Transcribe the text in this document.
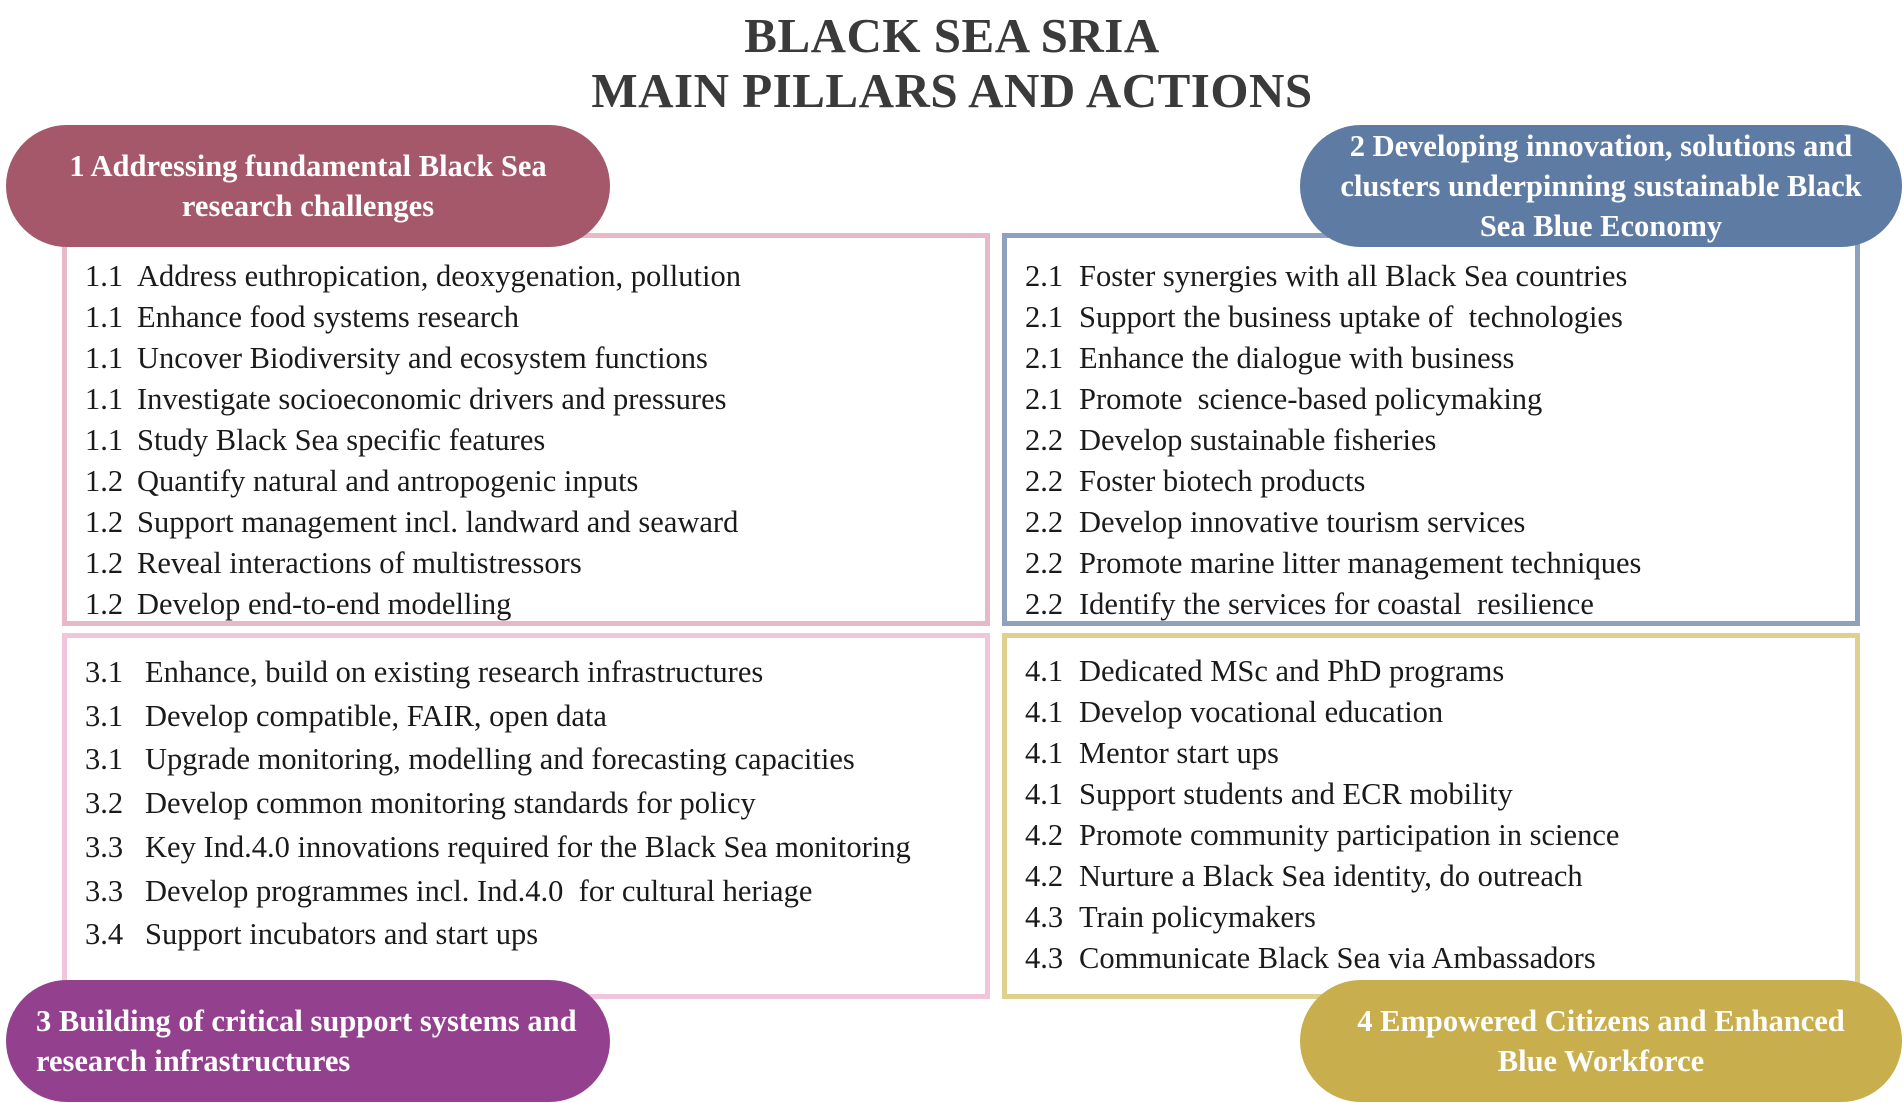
BLACK SEA SRIA
MAIN PILLARS AND ACTIONS
1.1 Address euthropication, deoxygenation, pollution
1.1 Enhance food systems research
1.1 Uncover Biodiversity and ecosystem functions
1.1 Investigate socioeconomic drivers and pressures
1.1 Study Black Sea specific features
1.2 Quantify natural and antropogenic inputs
1.2 Support management incl. landward and seaward
1.2 Reveal interactions of multistressors
1.2 Develop end-to-end modelling
2.1 Foster synergies with all Black Sea countries
2.1 Support the business uptake of  technologies
2.1 Enhance the dialogue with business
2.1 Promote  science-based policymaking
2.2 Develop sustainable fisheries
2.2 Foster biotech products
2.2 Develop innovative tourism services
2.2 Promote marine litter management techniques
2.2 Identify the services for coastal  resilience
3.1 Enhance, build on existing research infrastructures
3.1 Develop compatible, FAIR, open data
3.1 Upgrade monitoring, modelling and forecasting capacities
3.2 Develop common monitoring standards for policy
3.3 Key Ind.4.0 innovations required for the Black Sea monitoring
3.3 Develop programmes incl. Ind.4.0  for cultural heriage
3.4 Support incubators and start ups
4.1 Dedicated MSc and PhD programs
4.1 Develop vocational education
4.1 Mentor start ups
4.1 Support students and ECR mobility
4.2 Promote community participation in science
4.2 Nurture a Black Sea identity, do outreach
4.3 Train policymakers
4.3 Communicate Black Sea via Ambassadors
1 Addressing fundamental Black Sea research challenges
2 Developing innovation, solutions and clusters underpinning sustainable Black Sea Blue Economy
3 Building of critical support systems and research infrastructures
4 Empowered Citizens and Enhanced Blue Workforce
